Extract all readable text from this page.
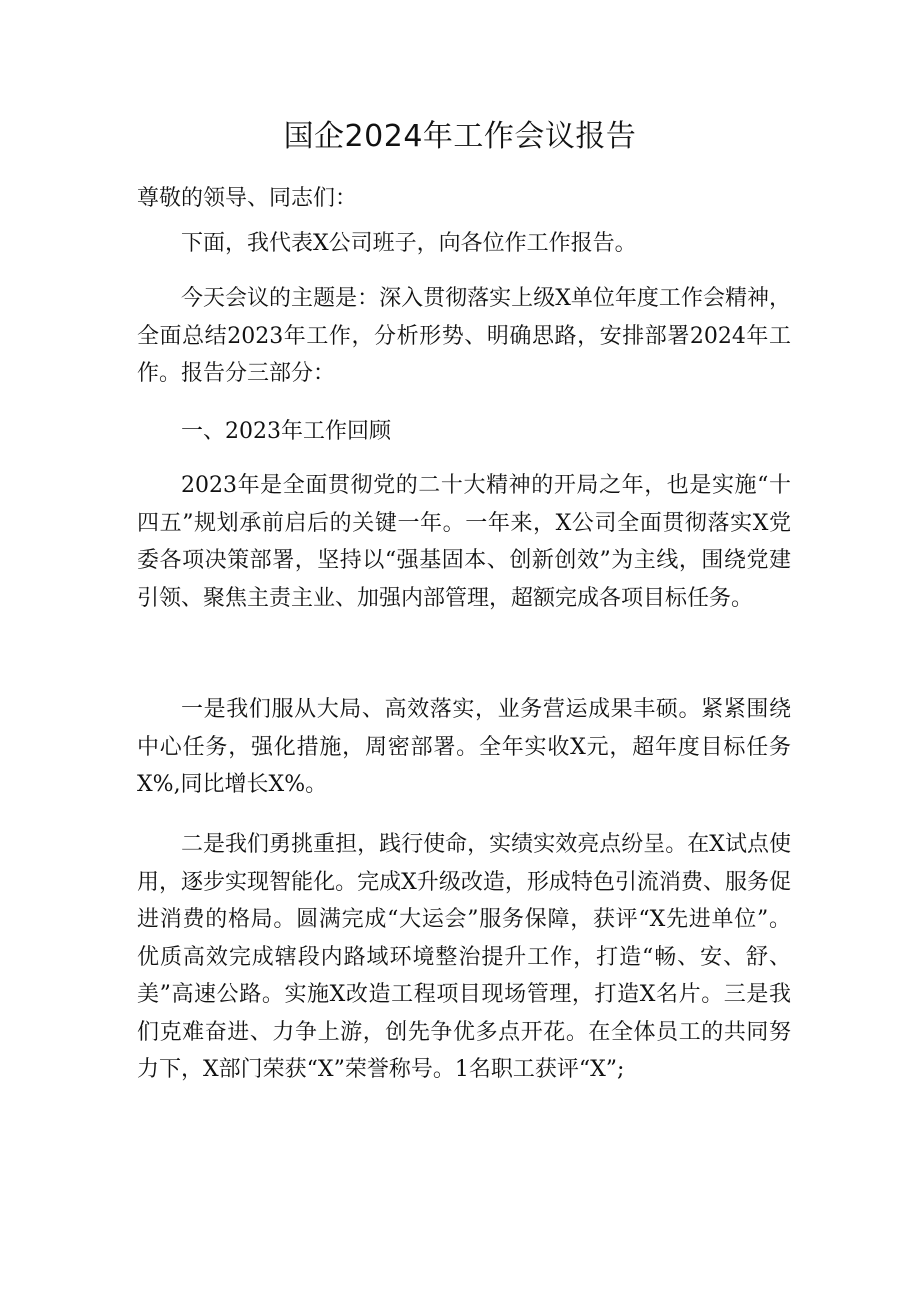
国企2024年工作会议报告

尊敬的领导、同志们：

下面，我代表X公司班子，向各位作工作报告。

今天会议的主题是：深入贯彻落实上级X单位年度工作会精神，全面总结2023年工作，分析形势、明确思路，安排部署2024年工作。报告分三部分：

一、2023年工作回顾

2023年是全面贯彻党的二十大精神的开局之年，也是实施“十四五”规划承前启后的关键一年。一年来，X公司全面贯彻落实X党委各项决策部署，坚持以“强基固本、创新创效”为主线，围绕党建引领、聚焦主责主业、加强内部管理，超额完成各项目标任务。

一是我们服从大局、高效落实，业务营运成果丰硕。紧紧围绕中心任务，强化措施，周密部署。全年实收X元，超年度目标任务X%,同比增长X%。

二是我们勇挑重担，践行使命，实绩实效亮点纷呈。在X试点使用，逐步实现智能化。完成X升级改造，形成特色引流消费、服务促进消费的格局。圆满完成“大运会”服务保障，获评“X先进单位”。优质高效完成辖段内路域环境整治提升工作，打造“畅、安、舒、美”高速公路。实施X改造工程项目现场管理，打造X名片。三是我们克难奋进、力争上游，创先争优多点开花。在全体员工的共同努力下，X部门荣获“X”荣誉称号。1名职工获评“X”;
